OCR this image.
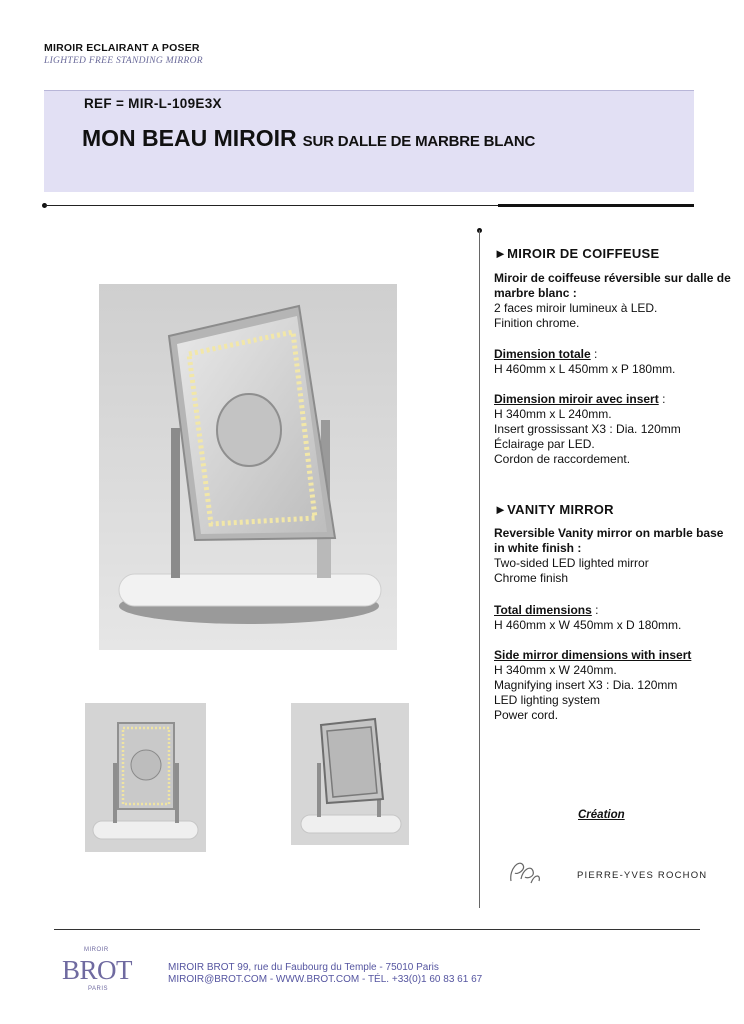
MIROIR ECLAIRANT A POSER
LIGHTED FREE STANDING MIRROR
REF = MIR-L-109E3X
MON BEAU MIROIR SUR DALLE DE MARBRE BLANC

►MIROIR DE COIFFEUSE

Miroir de coiffeuse réversible sur dalle de marbre blanc :

2 faces miroir lumineux à LED.

Finition chrome.

Dimension totale :

H 460mm x L 450mm x P 180mm.

Dimension miroir avec insert :

H 340mm x L 240mm.

Insert grossissant X3 : Dia. 120mm

Éclairage par LED.

Cordon de raccordement.

►VANITY MIRROR

Reversible Vanity mirror on marble base in white finish :

Two-sided LED lighted mirror

Chrome finish

Total dimensions :

H 460mm x W 450mm x D 180mm.

Side mirror dimensions with insert

H 340mm x W 240mm.

Magnifying insert X3 : Dia. 120mm

LED lighting system

Power cord.

Création
PIERRE-YVES ROCHON
MIROIR
BROT
PARIS
MIROIR BROT 99, rue du Faubourg du Temple - 75010 Paris
MIROIR@BROT.COM - WWW.BROT.COM - TÉL. +33(0)1 60 83 61 67
